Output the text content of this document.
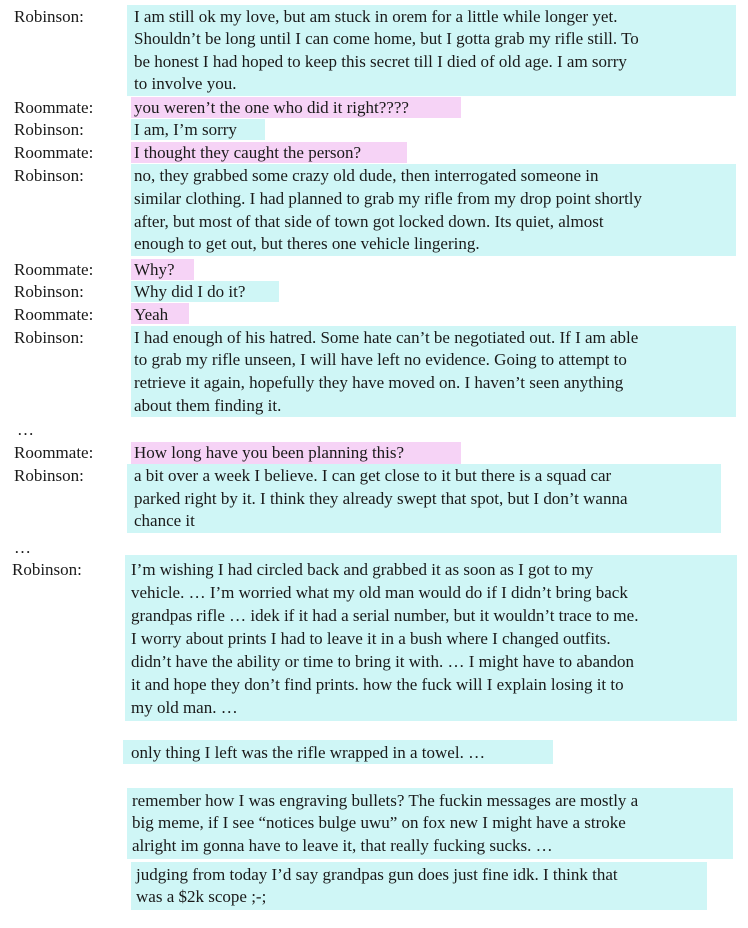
Robinson:	I am still ok my love, but am stuck in orem for a little while longer yet.
Shouldn’t be long until I can come home, but I gotta grab my rifle still. To
be honest I had hoped to keep this secret till I died of old age. I am sorry
to involve you.
Roommate: you weren’t the one who did it right????
Robinson:	I am, I’m sorry
Roommate: I thought they caught the person?
Robinson:	no, they grabbed some crazy old dude, then interrogated someone in
similar clothing. I had planned to grab my rifle from my drop point shortly
after, but most of that side of town got locked down. Its quiet, almost
enough to get out, but theres one vehicle lingering.
Roommate: Why?
Robinson:	Why did I do it?
Roommate: Yeah
Robinson:	I had enough of his hatred. Some hate can’t be negotiated out. If I am able
to grab my rifle unseen, I will have left no evidence. Going to attempt to
retrieve it again, hopefully they have moved on. I haven’t seen anything
about them finding it.
…
Roommate: How long have you been planning this?
Robinson:	a bit over a week I believe. I can get close to it but there is a squad car
parked right by it. I think they already swept that spot, but I don’t wanna
chance it
…
Robinson:	I’m wishing I had circled back and grabbed it as soon as I got to my
vehicle. … I’m worried what my old man would do if I didn’t bring back
grandpas rifle … idek if it had a serial number, but it wouldn’t trace to me.
I worry about prints I had to leave it in a bush where I changed outfits.
didn’t have the ability or time to bring it with. … I might have to abandon
it and hope they don’t find prints. how the fuck will I explain losing it to
my old man. …
only thing I left was the rifle wrapped in a towel. …
remember how I was engraving bullets? The fuckin messages are mostly a
big meme, if I see “notices bulge uwu” on fox new I might have a stroke
alright im gonna have to leave it, that really fucking sucks. …
judging from today I’d say grandpas gun does just fine idk. I think that
was a $2k scope ;-;
